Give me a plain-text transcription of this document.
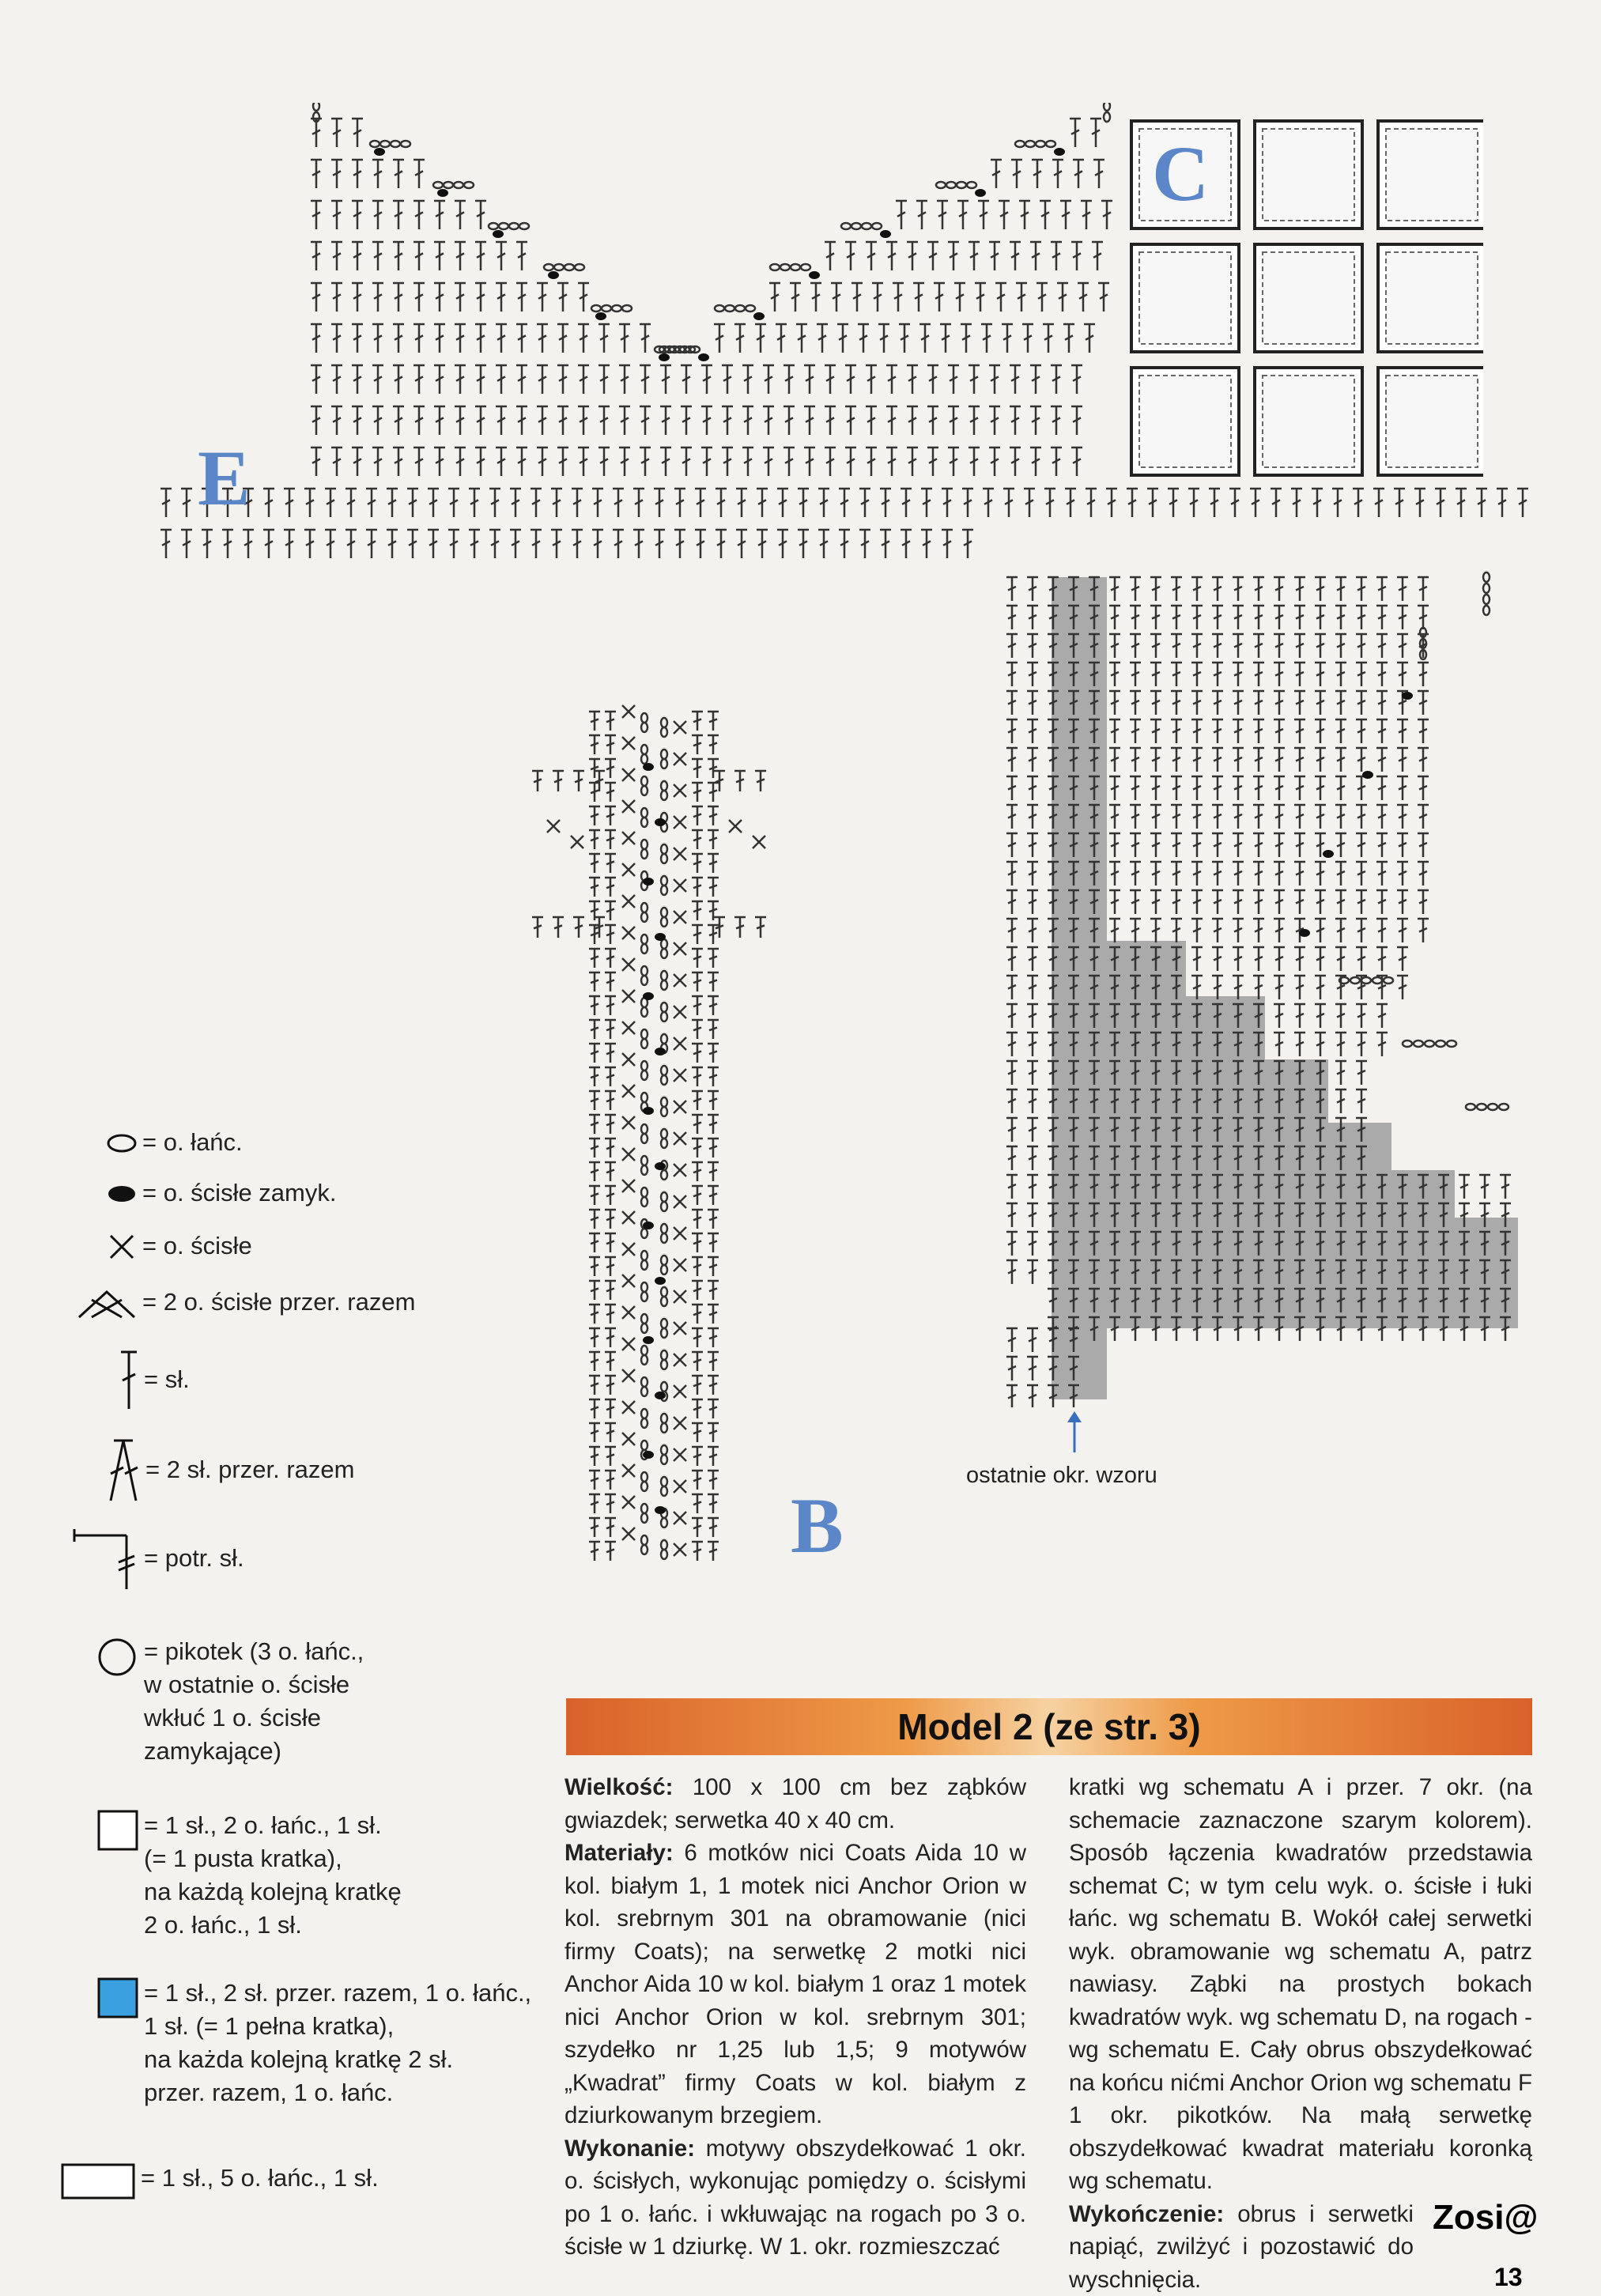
E
C
B
ostatnie okr. wzoru
= o. łańc.
= o. ścisłe zamyk.
= o. ścisłe
= 2 o. ścisłe przer. razem
= sł.
= 2 sł. przer. razem
= potr. sł.
= pikotek (3 o. łańc.,
w ostatnie o. ścisłe
wkłuć 1 o. ścisłe
zamykające)
= 1 sł., 2 o. łańc., 1 sł.
(= 1 pusta kratka),
na każdą kolejną kratkę
2 o. łańc., 1 sł.
= 1 sł., 2 sł. przer. razem, 1 o. łańc.,
1 sł. (= 1 pełna kratka),
na każda kolejną kratkę 2 sł.
przer. razem, 1 o. łańc.
= 1 sł., 5 o. łańc., 1 sł.
Model 2 (ze str. 3)

Wielkość: 100 x 100 cm bez ząbków gwiazdek; serwetka 40 x 40 cm.

Materiały: 6 motków nici Coats Aida 10 w kol. białym 1, 1 motek nici Anchor Orion w kol. srebrnym 301 na obramowanie (nici firmy Coats); na serwetkę 2 motki nici Anchor Aida 10 w kol. białym 1 oraz 1 motek nici Anchor Orion w kol. srebrnym 301; szydełko nr 1,25 lub 1,5; 9 motywów „Kwadrat” firmy Coats w kol. białym z dziurkowanym brzegiem.

Wykonanie: motywy obszydełkować 1 okr. o. ścisłych, wykonując pomiędzy o. ścisłymi po 1 o. łańc. i wkłuwając na rogach po 3 o. ścisłe w 1 dziurkę. W 1. okr. rozmieszczać

kratki wg schematu A i przer. 7 okr. (na schemacie zaznaczone szarym kolorem). Sposób łączenia kwadratów przedstawia schemat C; w tym celu wyk. o. ścisłe i łuki łańc. wg schematu B. Wokół całej serwetki wyk. obramowanie wg schematu A, patrz nawiasy. Ząbki na prostych bokach kwadratów wyk. wg schematu D, na rogach - wg schematu E. Cały obrus obszydełkować na końcu nićmi Anchor Orion wg schematu F 1 okr. pikotków. Na małą serwetkę obszydełkować kwadrat materiału koronką wg schematu.

Wykończenie: obrus i serwetki napiąć, zwilżyć i pozostawić do wyschnięcia.

Zosi@
13
